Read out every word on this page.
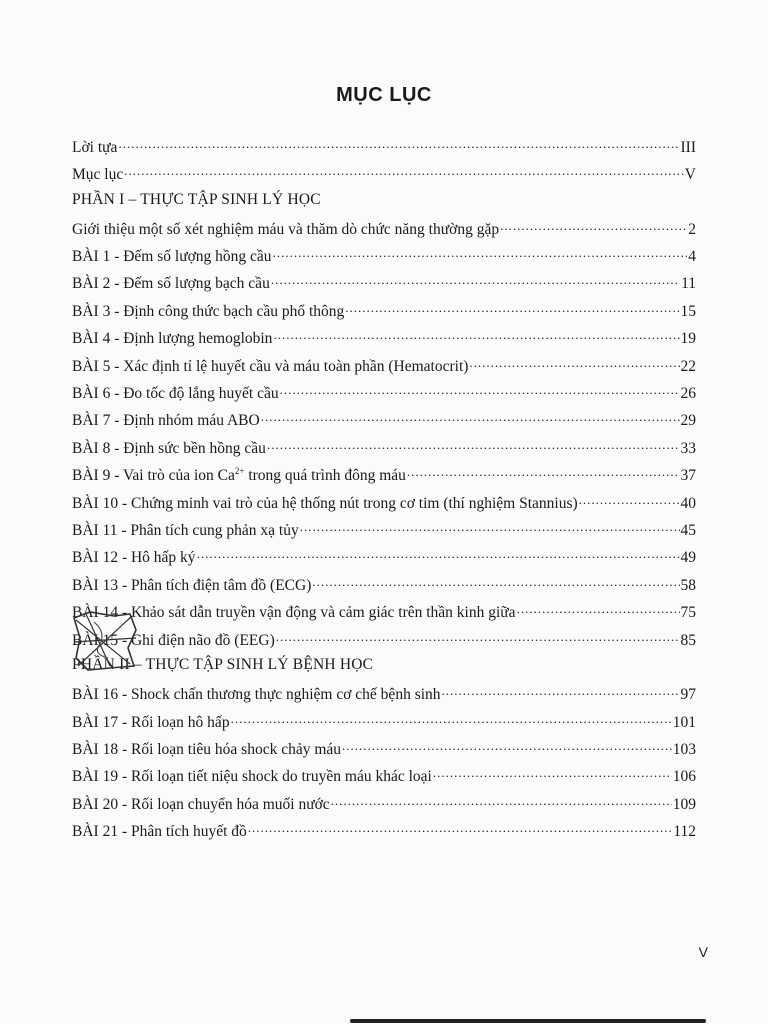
MỤC LỤC
Lời tựa .....	III
Mục lục .....	V
PHẦN I – THỰC TẬP SINH LÝ HỌC
Giới thiệu một số xét nghiệm máu và thăm dò chức năng thường gặp .....	2
BÀI 1 - Đếm số lượng hồng cầu .....	4
BÀI 2 - Đếm số lượng bạch cầu .....	11
BÀI 3 - Định công thức bạch cầu phổ thông .....	15
BÀI 4 - Định lượng hemoglobin .....	19
BÀI 5 - Xác định tỉ lệ huyết cầu và máu toàn phần (Hematocrit) .....	22
BÀI 6 - Đo tốc độ lắng huyết cầu .....	26
BÀI 7 - Định nhóm máu ABO .....	29
BÀI 8 - Định sức bền hồng cầu .....	33
BÀI 9 - Vai trò của ion $Ca^{2+}$ trong quá trình đông máu .....	37
BÀI 10 - Chứng minh vai trò của hệ thống nút trong cơ tim (thí nghiệm Stannius) .....	40
BÀI 11 - Phân tích cung phản xạ tủy .....	45
BÀI 12 - Hô hấp ký .....	49
BÀI 13 - Phân tích điện tâm đồ (ECG) .....	58
BÀI 14 - Khảo sát dẫn truyền vận động và cảm giác trên thần kinh giữa .....	75
BÀI 15 - Ghi điện não đồ (EEG) .....	85
PHẦN II – THỰC TẬP SINH LÝ BỆNH HỌC
BÀI 16 - Shock chấn thương thực nghiệm cơ chế bệnh sinh .....	97
BÀI 17 - Rối loạn hô hấp .....	101
BÀI 18 - Rối loạn tiêu hóa shock chảy máu .....	103
BÀI 19 - Rối loạn tiết niệu shock do truyền máu khác loại .....	106
BÀI 20 - Rối loạn chuyển hóa muối nước .....	109
BÀI 21 - Phân tích huyết đồ .....	112
V
